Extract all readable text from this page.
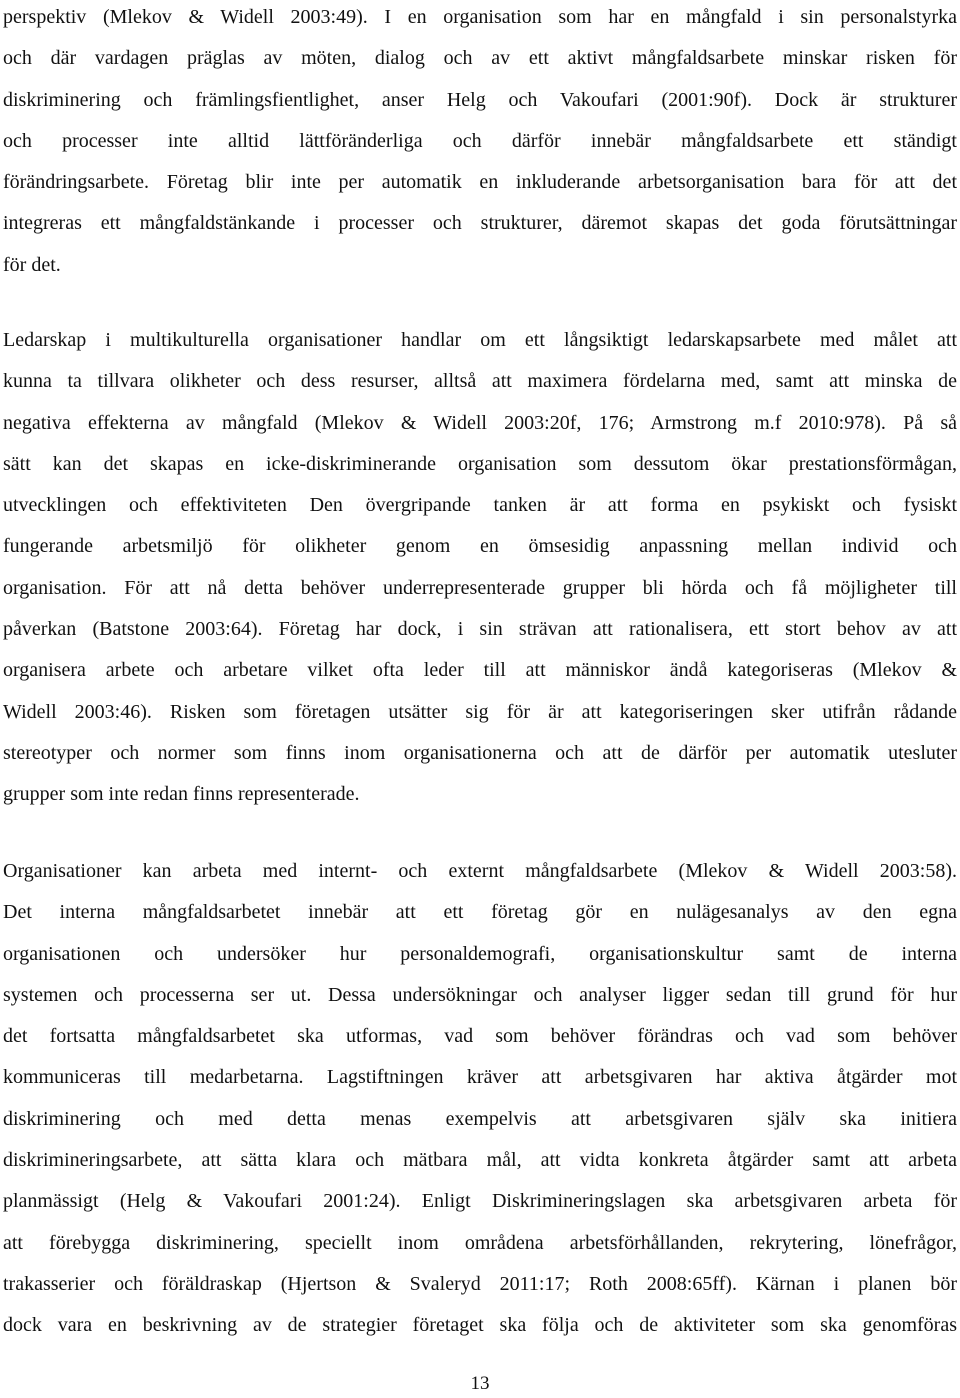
perspektiv (Mlekov & Widell 2003:49). I en organisation som har en mångfald i sin personalstyrka
och där vardagen präglas av möten, dialog och av ett aktivt mångfaldsarbete minskar risken för
diskriminering och främlingsfientlighet, anser Helg och Vakoufari (2001:90f). Dock är strukturer
och processer inte alltid lättföränderliga och därför innebär mångfaldsarbete ett ständigt
förändringsarbete. Företag blir inte per automatik en inkluderande arbetsorganisation bara för att det
integreras ett mångfaldstänkande i processer och strukturer, däremot skapas det goda förutsättningar
för det.
Ledarskap i multikulturella organisationer handlar om ett långsiktigt ledarskapsarbete med målet att
kunna ta tillvara olikheter och dess resurser, alltså att maximera fördelarna med, samt att minska de
negativa effekterna av mångfald (Mlekov & Widell 2003:20f, 176; Armstrong m.f 2010:978). På så
sätt kan det skapas en icke-diskriminerande organisation som dessutom ökar prestationsförmågan,
utvecklingen och effektiviteten Den övergripande tanken är att forma en psykiskt och fysiskt
fungerande arbetsmiljö för olikheter genom en ömsesidig anpassning mellan individ och
organisation. För att nå detta behöver underrepresenterade grupper bli hörda och få möjligheter till
påverkan (Batstone 2003:64). Företag har dock, i sin strävan att rationalisera, ett stort behov av att
organisera arbete och arbetare vilket ofta leder till att människor ändå kategoriseras (Mlekov &
Widell 2003:46). Risken som företagen utsätter sig för är att kategoriseringen sker utifrån rådande
stereotyper och normer som finns inom organisationerna och att de därför per automatik utesluter
grupper som inte redan finns representerade.
Organisationer kan arbeta med internt- och externt mångfaldsarbete (Mlekov & Widell 2003:58).
Det interna mångfaldsarbetet innebär att ett företag gör en nulägesanalys av den egna
organisationen och undersöker hur personaldemografi, organisationskultur samt de interna
systemen och processerna ser ut. Dessa undersökningar och analyser ligger sedan till grund för hur
det fortsatta mångfaldsarbetet ska utformas, vad som behöver förändras och vad som behöver
kommuniceras till medarbetarna. Lagstiftningen kräver att arbetsgivaren har aktiva åtgärder mot
diskriminering och med detta menas exempelvis att arbetsgivaren själv ska initiera
diskrimineringsarbete, att sätta klara och mätbara mål, att vidta konkreta åtgärder samt att arbeta
planmässigt (Helg & Vakoufari 2001:24). Enligt Diskrimineringslagen ska arbetsgivaren arbeta för
att förebygga diskriminering, speciellt inom områdena arbetsförhållanden, rekrytering, lönefrågor,
trakasserier och föräldraskap (Hjertson & Svaleryd 2011:17; Roth 2008:65ff). Kärnan i planen bör
dock vara en beskrivning av de strategier företaget ska följa och de aktiviteter som ska genomföras
13
